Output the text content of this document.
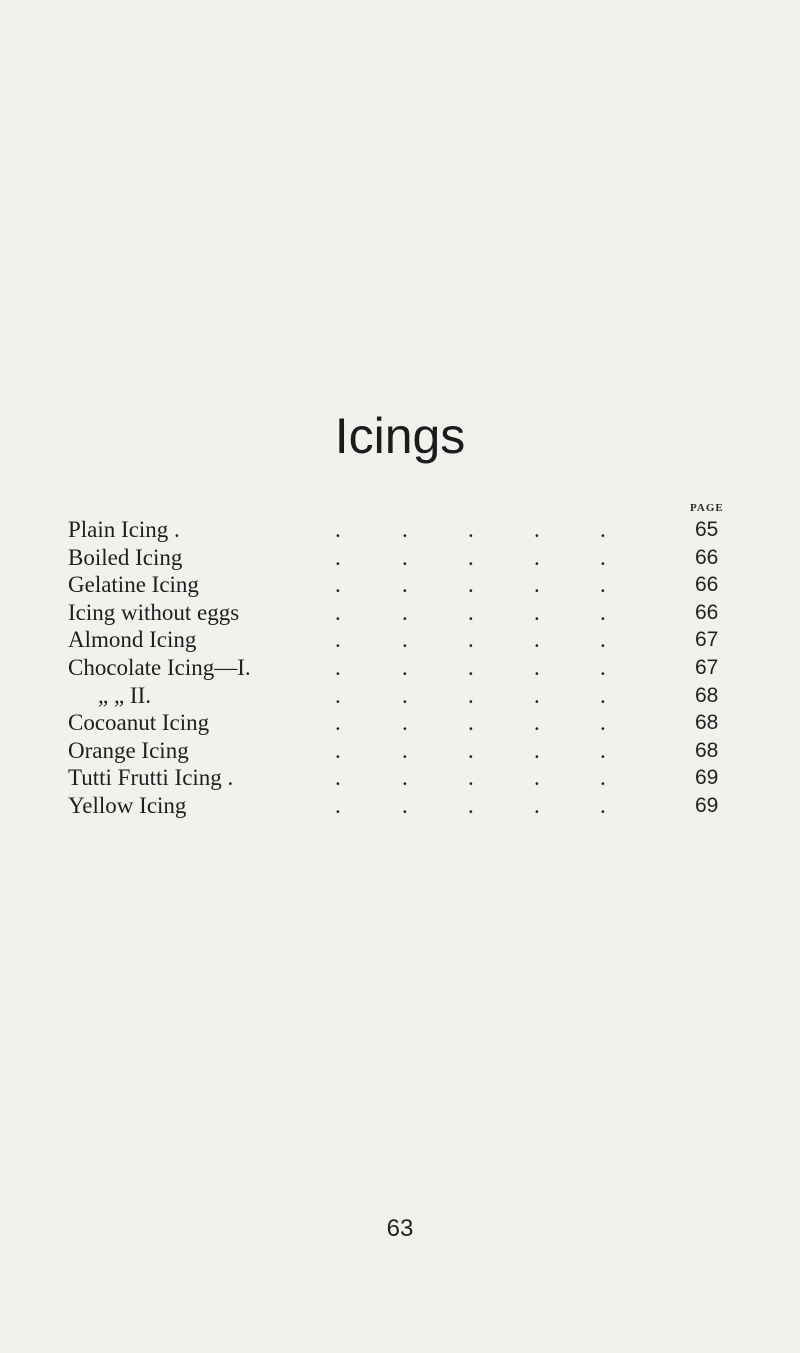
Icings
PAGE
Plain Icing .	.	.	.	.	.	65
Boiled Icing	.	.	.	.	.	66
Gelatine Icing	.	.	.	.	.	66
Icing without eggs	.	.	.	.	.	66
Almond Icing	.	.	.	.	.	67
Chocolate Icing—I.	.	.	.	.	.	67
„ „ II.	.	.	.	.	.	68
Cocoanut Icing	.	.	.	.	.	68
Orange Icing	.	.	.	.	.	68
Tutti Frutti Icing .	.	.	.	.	.	69
Yellow Icing	.	.	.	.	.	69
63
